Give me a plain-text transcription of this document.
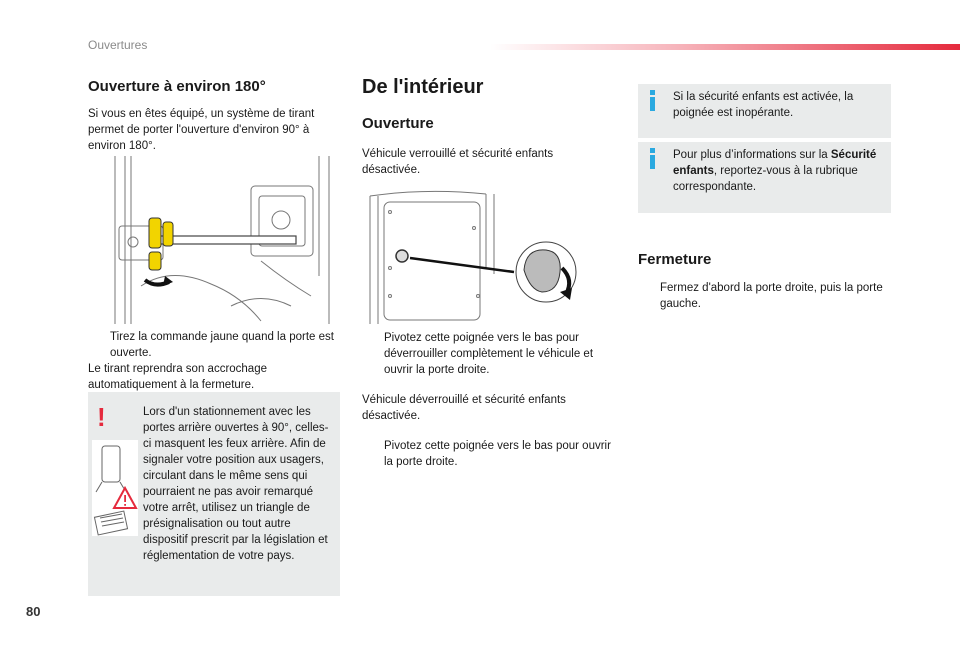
Ouvertures
Ouverture à environ 180°

Si vous en êtes équipé, un système de tirant permet de porter l'ouverture d'environ 90° à environ 180°.

Tirez la commande jaune quand la porte est ouverte.

Le tirant reprendra son accrochage automatiquement à la fermeture.

!	Lors d'un stationnement avec les portes arrière ouvertes à 90°, celles-ci masquent les feux arrière. Afin de signaler votre position aux usagers, circulant dans le même sens qui pourraient ne pas avoir remarqué votre arrêt, utilisez un triangle de présignalisation ou tout autre dispositif prescrit par la législation et réglementation de votre pays.
De l'intérieur
Ouverture

Véhicule verrouillé et sécurité enfants désactivée.

Pivotez cette poignée vers le bas pour déverrouiller complètement le véhicule et ouvrir la porte droite.

Véhicule déverrouillé et sécurité enfants désactivée.

Pivotez cette poignée vers le bas pour ouvrir la porte droite.
Si la sécurité enfants est activée, la poignée est inopérante.
Pour plus d’informations sur la Sécurité enfants, reportez-vous à la rubrique correspondante.
Fermeture
Fermez d'abord la porte droite, puis la porte gauche.
80
